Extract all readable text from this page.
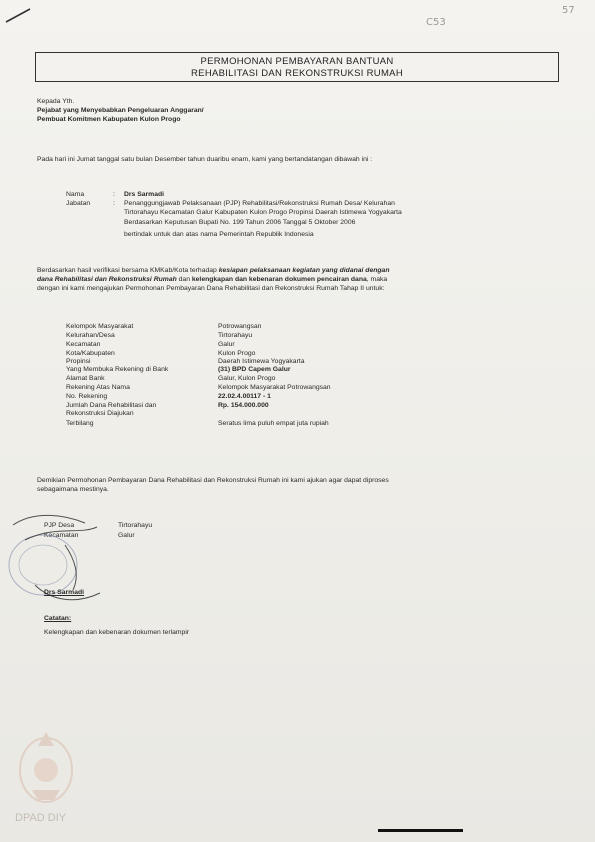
C53
57
PERMOHONAN PEMBAYARAN BANTUAN
REHABILITASI DAN REKONSTRUKSI RUMAH
Kepada Yth.
Pejabat yang Menyebabkan Pengeluaran Anggaran/
Pembuat Komitmen Kabupaten Kulon Progo
Pada hari ini Jumat tanggal satu bulan Desember tahun duaribu enam, kami yang bertandatangan dibawah ini :
Nama	: Drs Sarmadi
Jabatan	: Penanggungjawab Pelaksanaan (PJP) Rehabilitasi/Rekonstruksi Rumah Desa/ Kelurahan
Tirtorahayu Kecamatan Galur Kabupaten Kulon Progo Propinsi Daerah Istimewa Yogyakarta
Berdasarkan Keputusan Bupati No. 199 Tahun 2006 Tanggal 5 Oktober 2006
bertindak untuk dan atas nama Pemerintah Republik Indonesia
Berdasarkan hasil verifikasi bersama KMKab/Kota terhadap kesiapan pelaksanaan kegiatan yang didanai dengan
dana Rehabilitasi dan Rekonstruksi Rumah dan kelengkapan dan kebenaran dokumen pencairan dana, maka
dengan ini kami mengajukan Permohonan Pembayaran Dana Rehabilitasi dan Rekonstruksi Rumah Tahap II untuk:
Kelompok Masyarakat	Potrowangsan
Kelurahan/Desa	Tirtorahayu
Kecamatan	Galur
Kota/Kabupaten	Kulon Progo
Propinsi	Daerah Istimewa Yogyakarta
Yang Membuka Rekening di Bank	(31) BPD Capem Galur
Alamat Bank	Galur, Kulon Progo
Rekening Atas Nama	Kelompok Masyarakat Potrowangsan
No. Rekening	22.02.4.00117 - 1
Jumlah Dana Rehabilitasi dan	Rp. 154.000.000
Rekonstruksi Diajukan
Terbilang	Seratus lima puluh empat juta rupiah
Demikian Permohonan Pembayaran Dana Rehabilitasi dan Rekonstruksi Rumah ini kami ajukan agar dapat diproses
sebagaimana mestinya.
PJP Desa	Tirtorahayu
Kecamatan	Galur
Drs Sarmadi
Catatan:
Kelengkapan dan kebenaran dokumen terlampir
DPAD DIY
